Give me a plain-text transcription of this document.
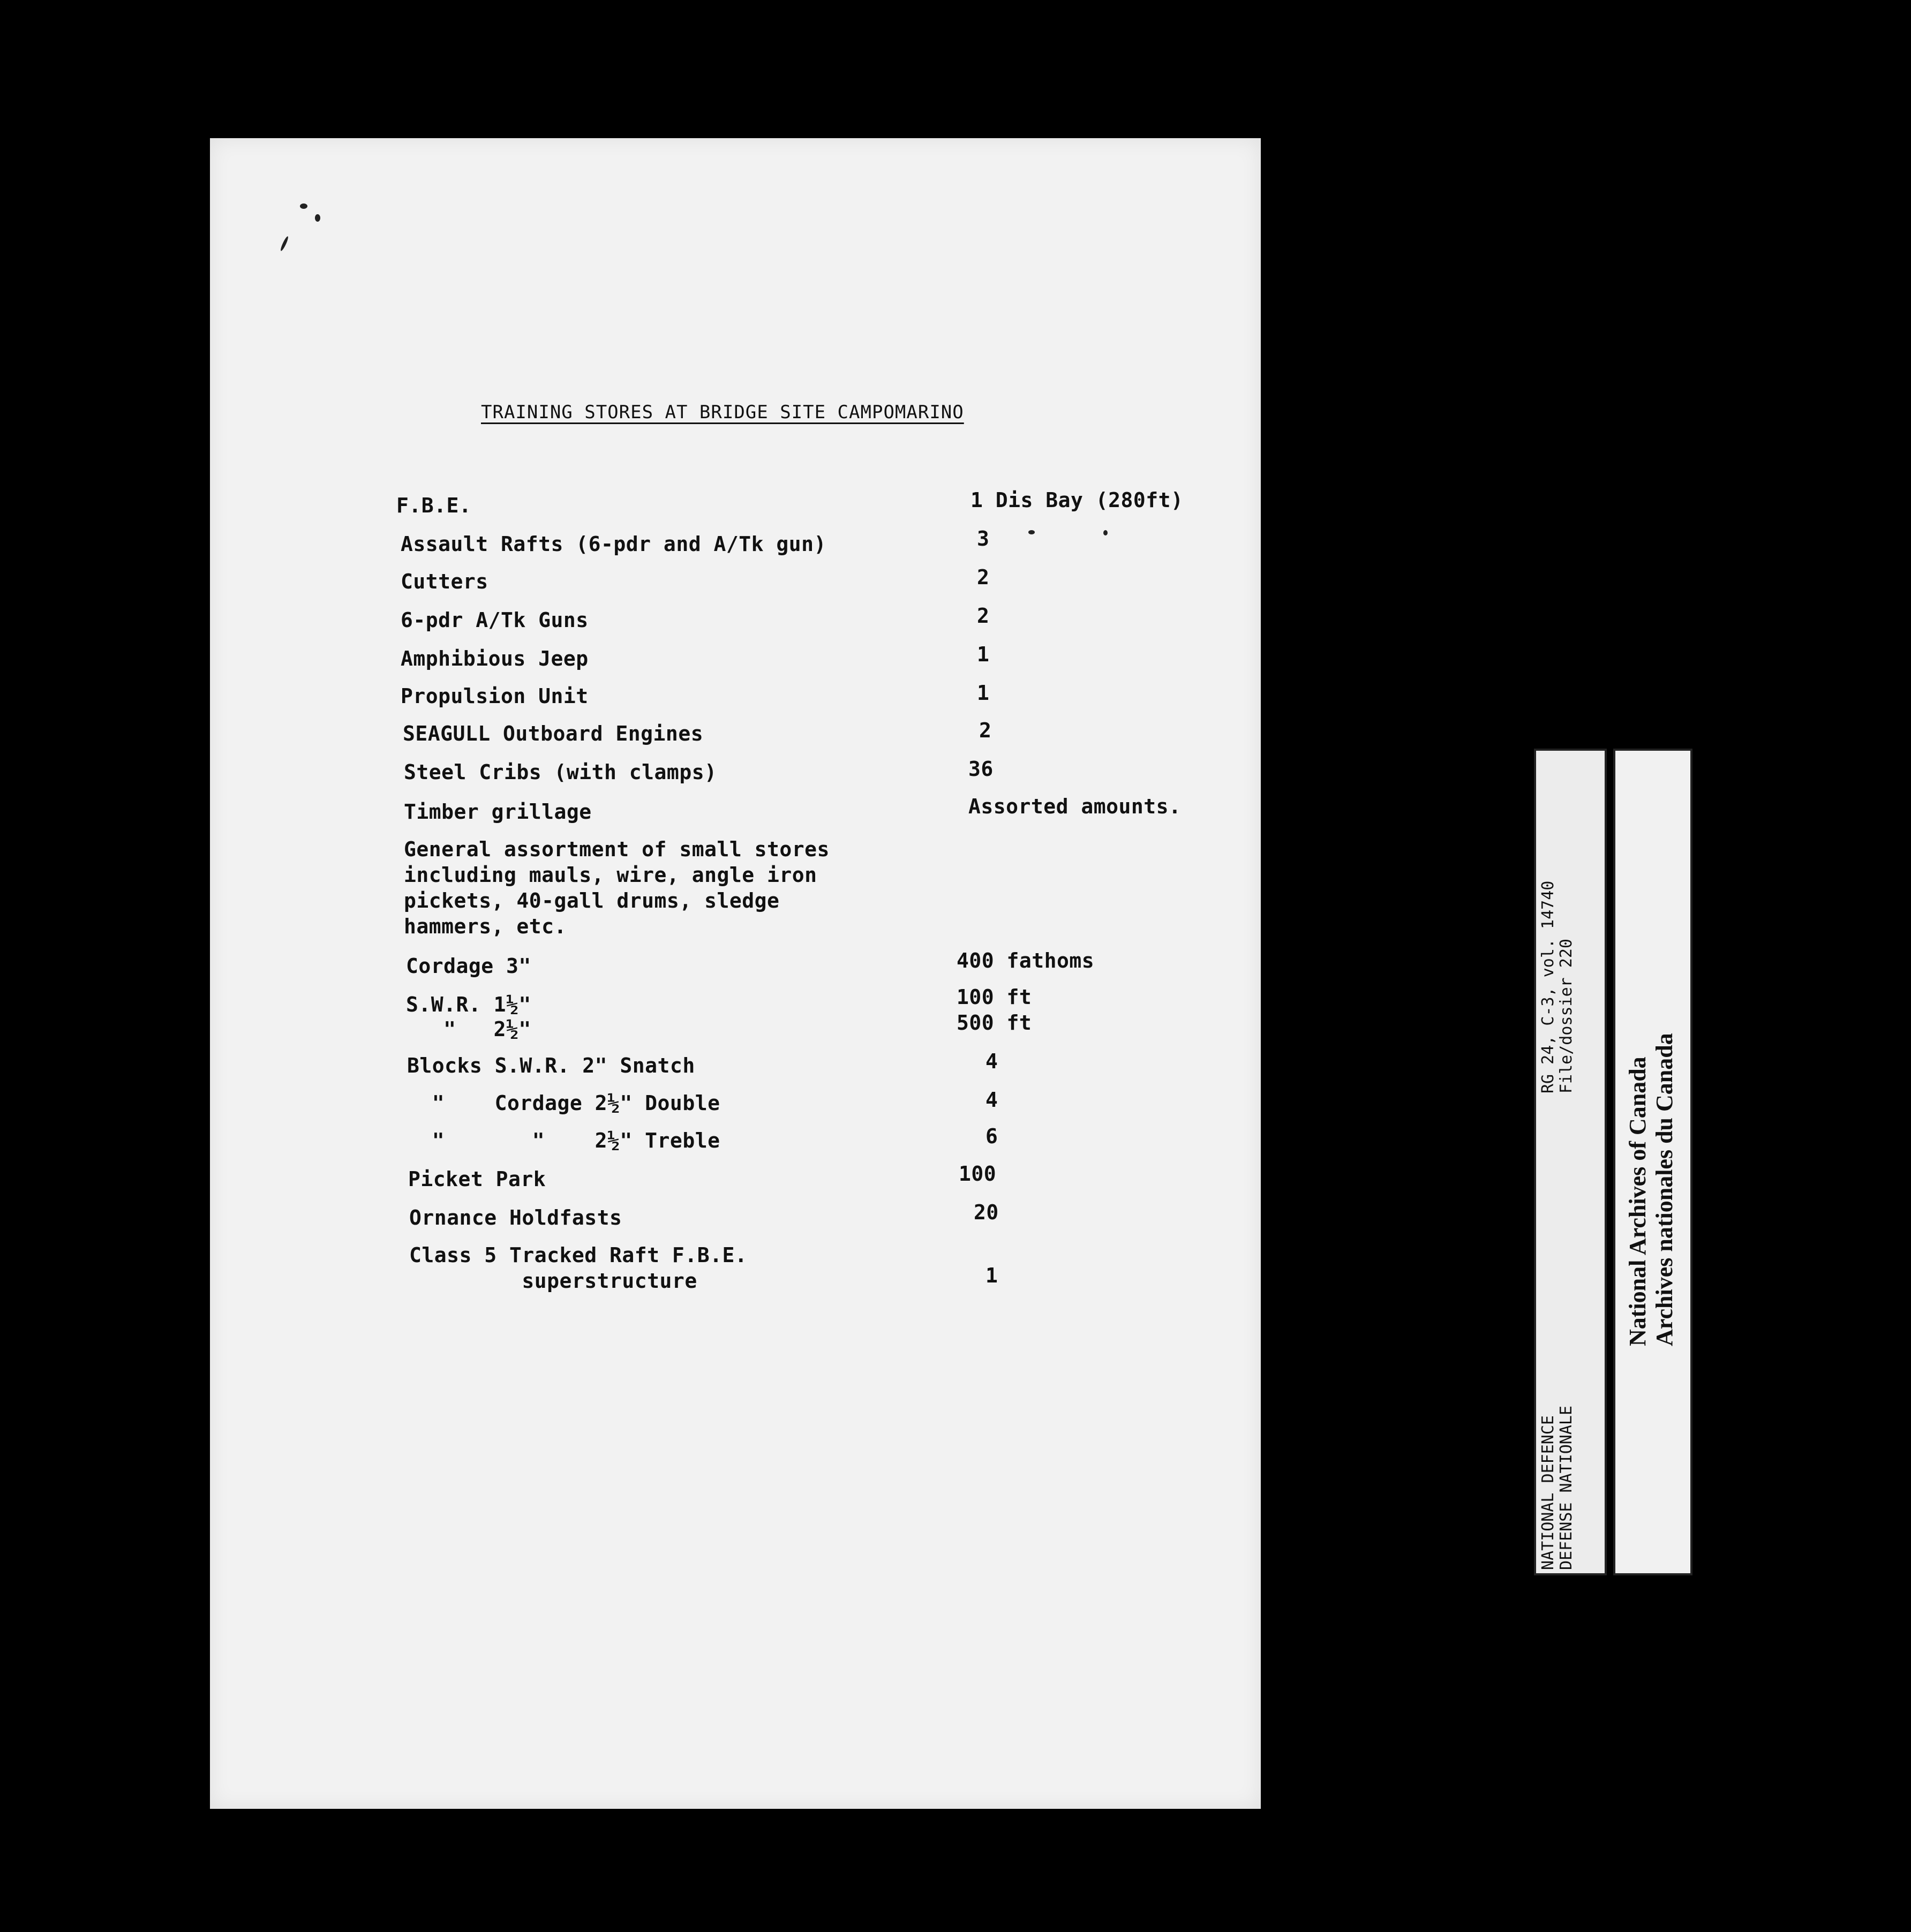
TRAINING STORES AT BRIDGE SITE CAMPOMARINO
F.B.E.	1 Dis Bay (280ft)
Assault Rafts (6-pdr and A/Tk gun)	3
Cutters	2
6-pdr A/Tk Guns	2
Amphibious Jeep	1
Propulsion Unit	1
SEAGULL Outboard Engines	2
Steel Cribs (with clamps)	36
Timber grillage	Assorted amounts.
General assortment of small stores
including mauls, wire, angle iron
pickets, 40-gall drums, sledge
hammers, etc.
Cordage 3"	400 fathoms
S.W.R. 1½"	100 ft
"   2½"	500 ft
Blocks S.W.R. 2" Snatch	4
"    Cordage 2½" Double	4
"       "    2½" Treble	6
Picket Park	100
Ornance Holdfasts	20
Class 5 Tracked Raft F.B.E.
superstructure	1
NATIONAL DEFENCE DEFENSE NATIONALE
RG 24, C-3, vol. 14740 File/dossier 220
National Archives of Canada Archives nationales du Canada
